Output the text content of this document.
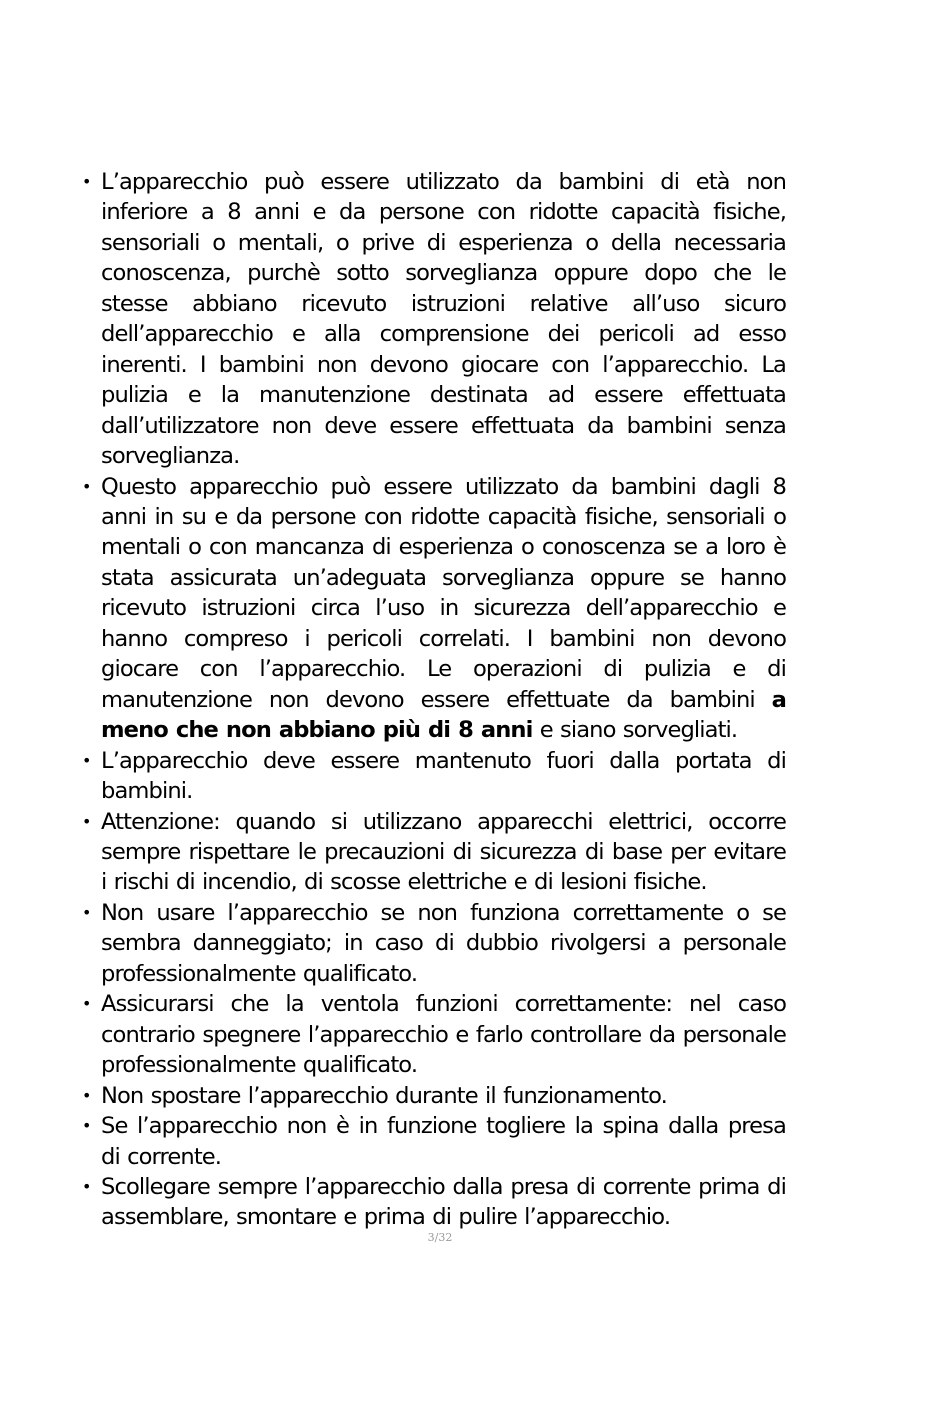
• L’apparecchio può essere utilizzato da bambini di età non inferiore a 8 anni e da persone con ridotte capacità fisiche, sensoriali o mentali, o prive di esperienza o della necessaria conoscenza, purchè sotto sorveglianza oppure dopo che le stesse abbiano ricevuto istruzioni relative all’uso sicuro dell’apparecchio e alla comprensione dei pericoli ad esso inerenti. I bambini non devono giocare con l’apparecchio. La pulizia e la manutenzione destinata ad essere effettuata dall’utilizzatore non deve essere effettuata da bambini senza sorveglianza.
• Questo apparecchio può essere utilizzato da bambini dagli 8 anni in su e da persone con ridotte capacità fisiche, sensoriali o mentali o con mancanza di esperienza o conoscenza se a loro è stata assicurata un’adeguata sorveglianza oppure se hanno ricevuto istruzioni circa l’uso in sicurezza dell’apparecchio e hanno compreso i pericoli correlati. I bambini non devono giocare con l’apparecchio. Le operazioni di pulizia e di manutenzione non devono essere effettuate da bambini a meno che non abbiano più di 8 anni e siano sorvegliati.
• L’apparecchio deve essere mantenuto fuori dalla portata di bambini.
• Attenzione: quando si utilizzano apparecchi elettrici, occorre sempre rispettare le precauzioni di sicurezza di base per evitare i rischi di incendio, di scosse elettriche e di lesioni fisiche.
• Non usare l’apparecchio se non funziona correttamente o se sembra danneggiato; in caso di dubbio rivolgersi a personale professionalmente qualificato.
• Assicurarsi che la ventola funzioni correttamente: nel caso contrario spegnere l’apparecchio e farlo controllare da personale professionalmente qualificato.
• Non spostare l’apparecchio durante il funzionamento.
• Se l’apparecchio non è in funzione togliere la spina dalla presa di corrente.
• Scollegare sempre l’apparecchio dalla presa di corrente prima di assemblare, smontare e prima di pulire l’apparecchio.
3/32
